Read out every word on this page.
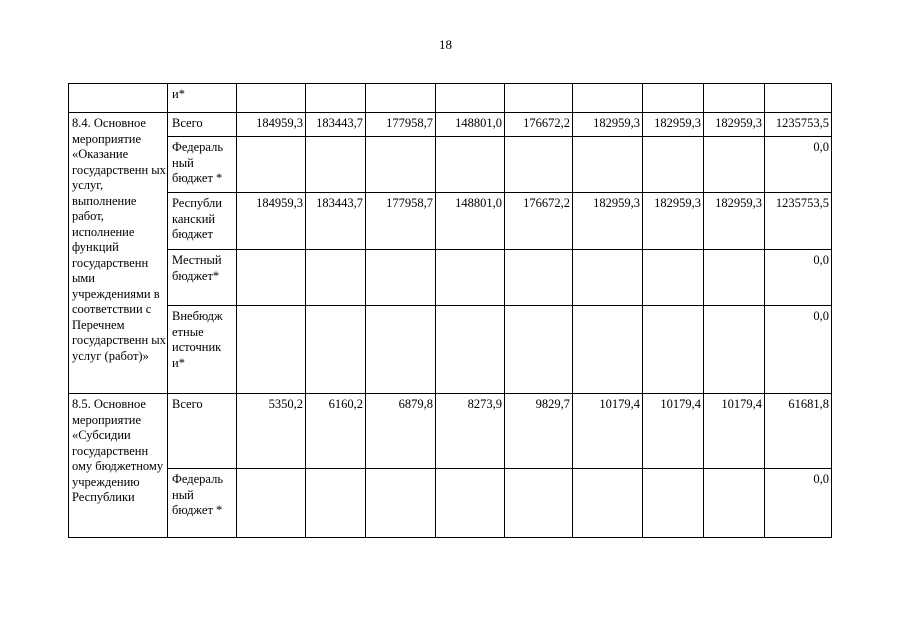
18
	и*									
8.4. Основное мероприятие «Оказание государственн ых услуг, выполнение работ, исполнение функций государственн ыми учреждениями в соответствии с Перечнем государственн ых услуг (работ)»	Всего	184959,3	183443,7	177958,7	148801,0	176672,2	182959,3	182959,3	182959,3	1235753,5
	Федераль ный бюджет *									0,0
	Республи канский бюджет	184959,3	183443,7	177958,7	148801,0	176672,2	182959,3	182959,3	182959,3	1235753,5
	Местный бюджет*									0,0
	Внебюдж етные источник и*									0,0
8.5. Основное мероприятие «Субсидии государственн ому бюджетному учреждению Республики	Всего	5350,2	6160,2	6879,8	8273,9	9829,7	10179,4	10179,4	10179,4	61681,8
	Федераль ный бюджет *									0,0
